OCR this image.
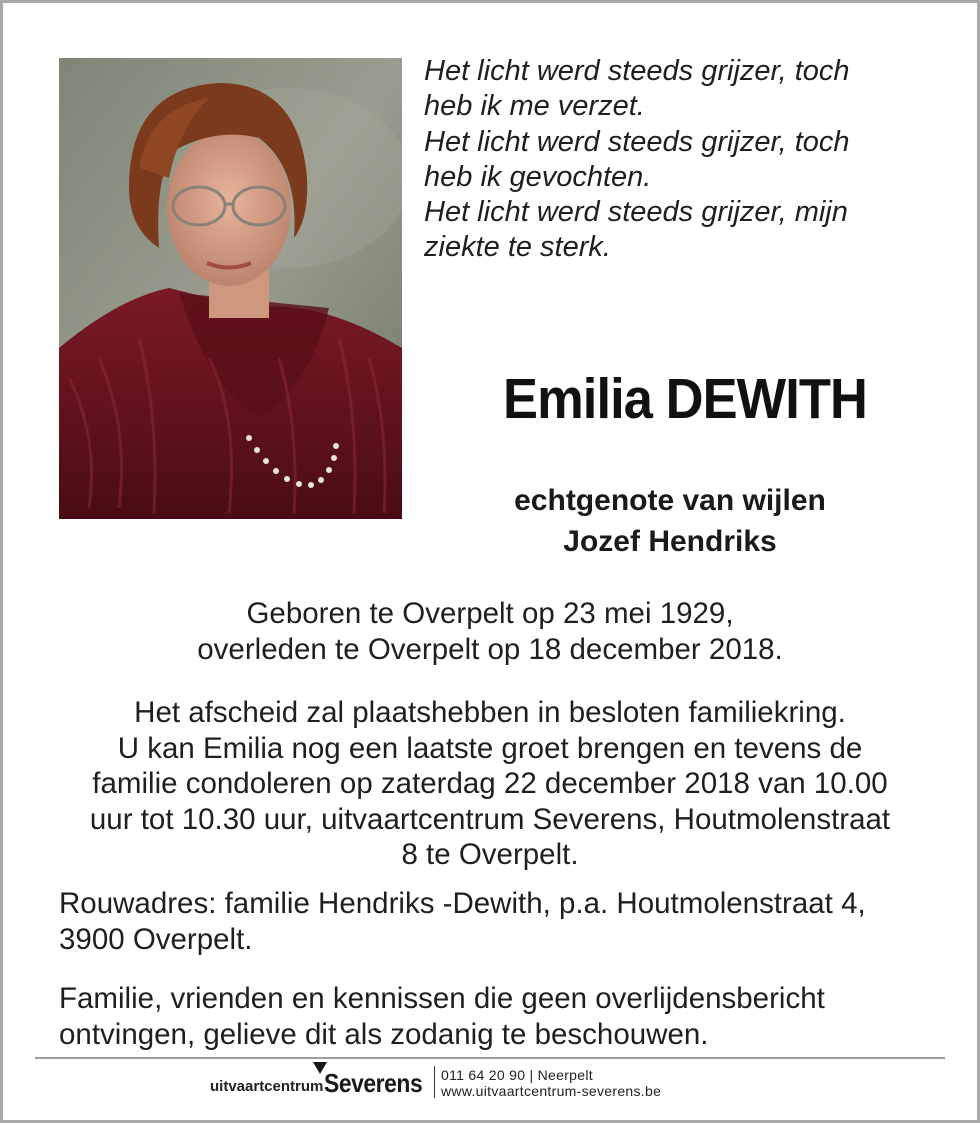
Het licht werd steeds grijzer, toch
heb ik me verzet.
Het licht werd steeds grijzer, toch
heb ik gevochten.
Het licht werd steeds grijzer, mijn
ziekte te sterk.
Emilia DEWITH
echtgenote van wijlen
Jozef Hendriks
Geboren te Overpelt op 23 mei 1929,
overleden te Overpelt op 18 december 2018.
Het afscheid zal plaatshebben in besloten familiekring.
U kan Emilia nog een laatste groet brengen en tevens de
familie condoleren op zaterdag 22 december 2018 van 10.00
uur tot 10.30 uur, uitvaartcentrum Severens, Houtmolenstraat
8 te Overpelt.
Rouwadres: familie Hendriks -Dewith, p.a. Houtmolenstraat 4,
3900 Overpelt.
Familie, vrienden en kennissen die geen overlijdensbericht
ontvingen, gelieve dit als zodanig te beschouwen.
uitvaartcentrum Severens 011 64 20 90 | Neerpelt
www.uitvaartcentrum-severens.be
